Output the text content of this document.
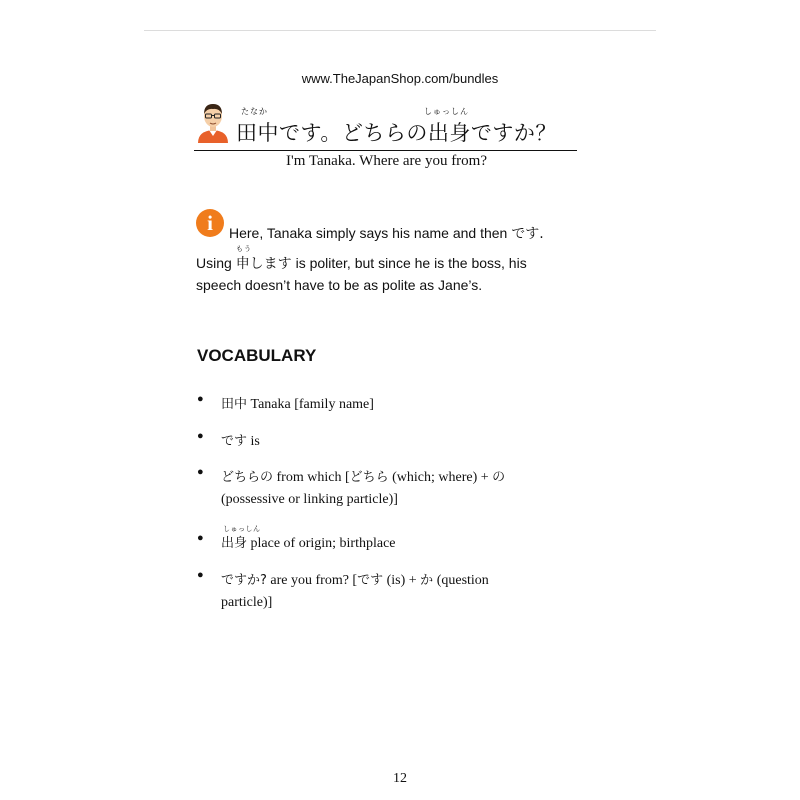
www.TheJapanShop.com/bundles
たなか	しゅっしん
田中です。どちらの出身ですか？
I'm Tanaka. Where are you from?
i	Here, Tanaka simply says his name and then です.
もう
Using 申します is politer, but since he is the boss, his
speech doesn’t have to be as polite as Jane’s.
VOCABULARY
● 田中 Tanaka [family name]
● です is
● どちらの from which [どちら (which; where) + の
(possessive or linking particle)]
しゅっしん
● 出身 place of origin; birthplace
● ですか? are you from? [です (is) + か (question
particle)]
12
